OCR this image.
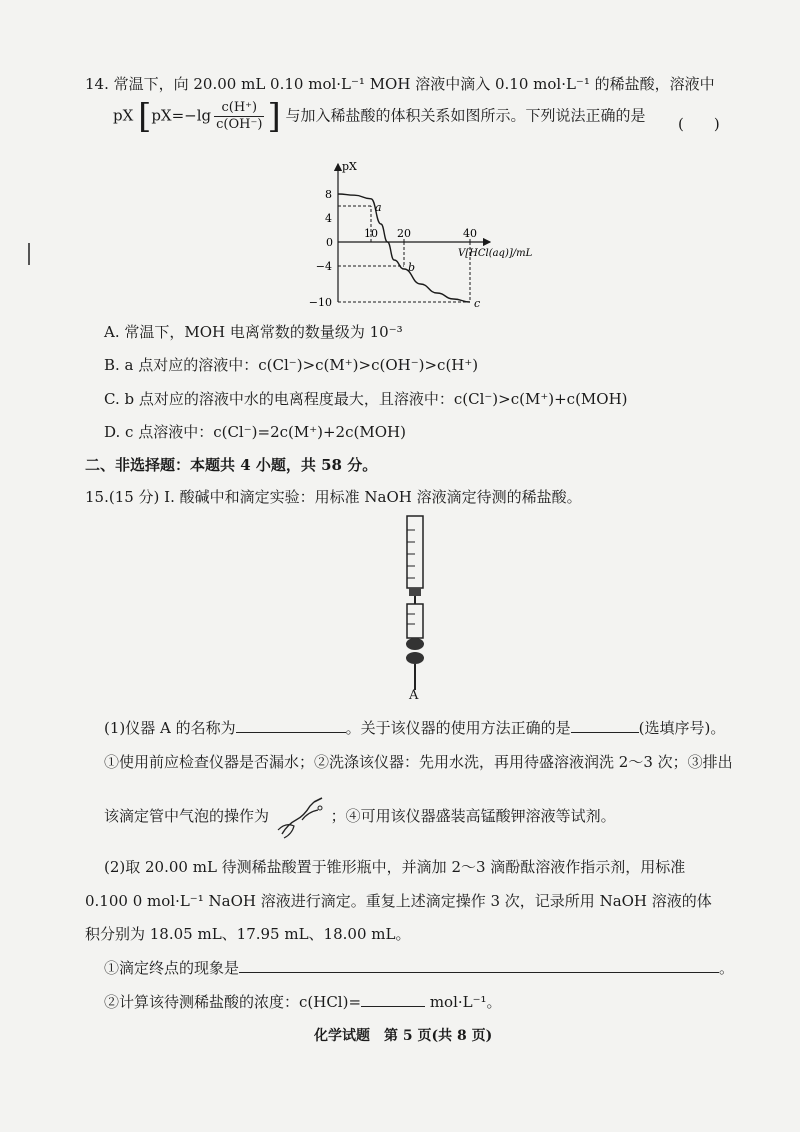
14. 常温下，向 20.00 mL 0.10 mol·L⁻¹ MOH 溶液中滴入 0.10 mol·L⁻¹ 的稀盐酸，溶液中
pX [$pX=-\lg \frac{c(H^+)}{c(OH^-)}$ ] 与加入稀盐酸的体积关系如图所示。下列说法正确的是 (　　)
pX
V[HCl(aq)]/mL
0
8
4
−4
−10
10 20	40
a
b
c
A. 常温下，MOH 电离常数的数量级为 10⁻³
B. a 点对应的溶液中：c(Cl⁻)>c(M⁺)>c(OH⁻)>c(H⁺)
C. b 点对应的溶液中水的电离程度最大，且溶液中：c(Cl⁻)>c(M⁺)+c(MOH)
D. c 点溶液中：c(Cl⁻)=2c(M⁺)+2c(MOH)
二、非选择题：本题共 4 小题，共 58 分。
15.(15 分) Ⅰ. 酸碱中和滴定实验：用标准 NaOH 溶液滴定待测的稀盐酸。
A
(1)仪器 A 的名称为	。关于该仪器的使用方法正确的是	(选填序号)。
①使用前应检查仪器是否漏水；②洗涤该仪器：先用水洗，再用待盛溶液润洗 2～3 次；③排出
该滴定管中气泡的操作为	；④可用该仪器盛装高锰酸钾溶液等试剂。
(2)取 20.00 mL 待测稀盐酸置于锥形瓶中，并滴加 2～3 滴酚酞溶液作指示剂，用标准
0.100 0 mol·L⁻¹ NaOH 溶液进行滴定。重复上述滴定操作 3 次，记录所用 NaOH 溶液的体
积分别为 18.05 mL、17.95 mL、18.00 mL。
①滴定终点的现象是	。
②计算该待测稀盐酸的浓度：c(HCl)=	mol·L⁻¹。
化学试题　第 5 页(共 8 页)
